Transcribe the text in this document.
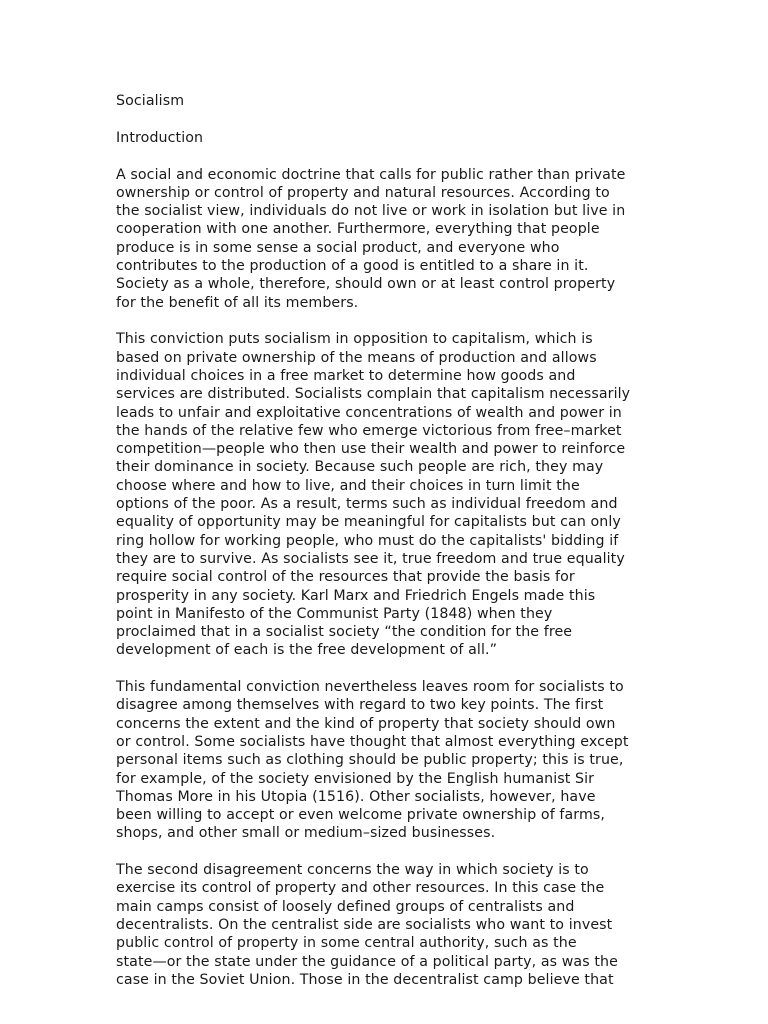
Socialism
Introduction
A social and economic doctrine that calls for public rather than private
ownership or control of property and natural resources. According to
the socialist view, individuals do not live or work in isolation but live in
cooperation with one another. Furthermore, everything that people
produce is in some sense a social product, and everyone who
contributes to the production of a good is entitled to a share in it.
Society as a whole, therefore, should own or at least control property
for the benefit of all its members.
This conviction puts socialism in opposition to capitalism, which is
based on private ownership of the means of production and allows
individual choices in a free market to determine how goods and
services are distributed. Socialists complain that capitalism necessarily
leads to unfair and exploitative concentrations of wealth and power in
the hands of the relative few who emerge victorious from free–market
competition—people who then use their wealth and power to reinforce
their dominance in society. Because such people are rich, they may
choose where and how to live, and their choices in turn limit the
options of the poor. As a result, terms such as individual freedom and
equality of opportunity may be meaningful for capitalists but can only
ring hollow for working people, who must do the capitalists' bidding if
they are to survive. As socialists see it, true freedom and true equality
require social control of the resources that provide the basis for
prosperity in any society. Karl Marx and Friedrich Engels made this
point in Manifesto of the Communist Party (1848) when they
proclaimed that in a socialist society “the condition for the free
development of each is the free development of all.”
This fundamental conviction nevertheless leaves room for socialists to
disagree among themselves with regard to two key points. The first
concerns the extent and the kind of property that society should own
or control. Some socialists have thought that almost everything except
personal items such as clothing should be public property; this is true,
for example, of the society envisioned by the English humanist Sir
Thomas More in his Utopia (1516). Other socialists, however, have
been willing to accept or even welcome private ownership of farms,
shops, and other small or medium–sized businesses.
The second disagreement concerns the way in which society is to
exercise its control of property and other resources. In this case the
main camps consist of loosely defined groups of centralists and
decentralists. On the centralist side are socialists who want to invest
public control of property in some central authority, such as the
state—or the state under the guidance of a political party, as was the
case in the Soviet Union. Those in the decentralist camp believe that
